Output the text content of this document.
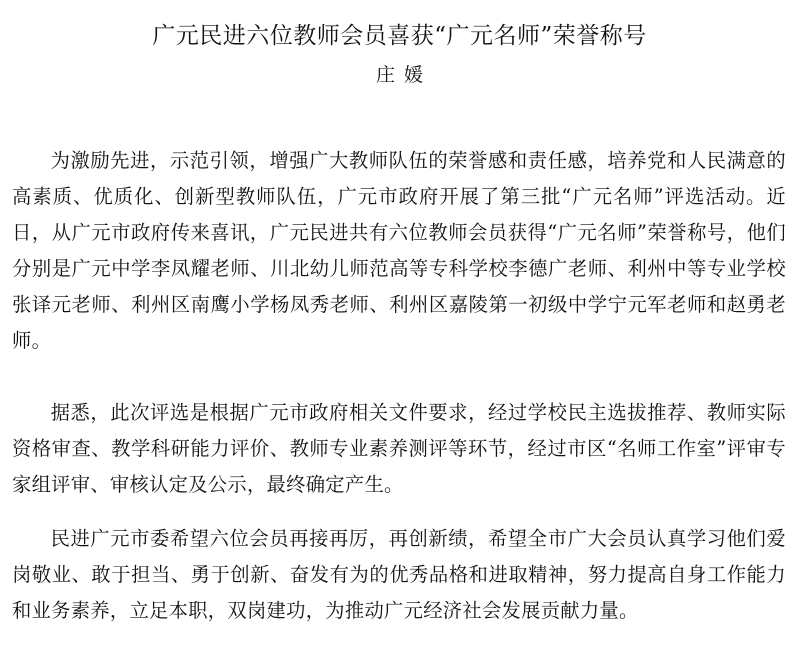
广元民进六位教师会员喜获“广元名师”荣誉称号
庄媛

为激励先进，示范引领，增强广大教师队伍的荣誉感和责任感，培养党和人民满意的高素质、优质化、创新型教师队伍，广元市政府开展了第三批“广元名师”评选活动。近日，从广元市政府传来喜讯，广元民进共有六位教师会员获得“广元名师”荣誉称号，他们分别是广元中学李凤耀老师、川北幼儿师范高等专科学校李德广老师、利州中等专业学校张译元老师、利州区南鹰小学杨凤秀老师、利州区嘉陵第一初级中学宁元军老师和赵勇老师。

据悉，此次评选是根据广元市政府相关文件要求，经过学校民主选拔推荐、教师实际资格审查、教学科研能力评价、教师专业素养测评等环节，经过市区“名师工作室”评审专家组评审、审核认定及公示，最终确定产生。

民进广元市委希望六位会员再接再厉，再创新绩，希望全市广大会员认真学习他们爱岗敬业、敢于担当、勇于创新、奋发有为的优秀品格和进取精神，努力提高自身工作能力和业务素养，立足本职，双岗建功，为推动广元经济社会发展贡献力量。
